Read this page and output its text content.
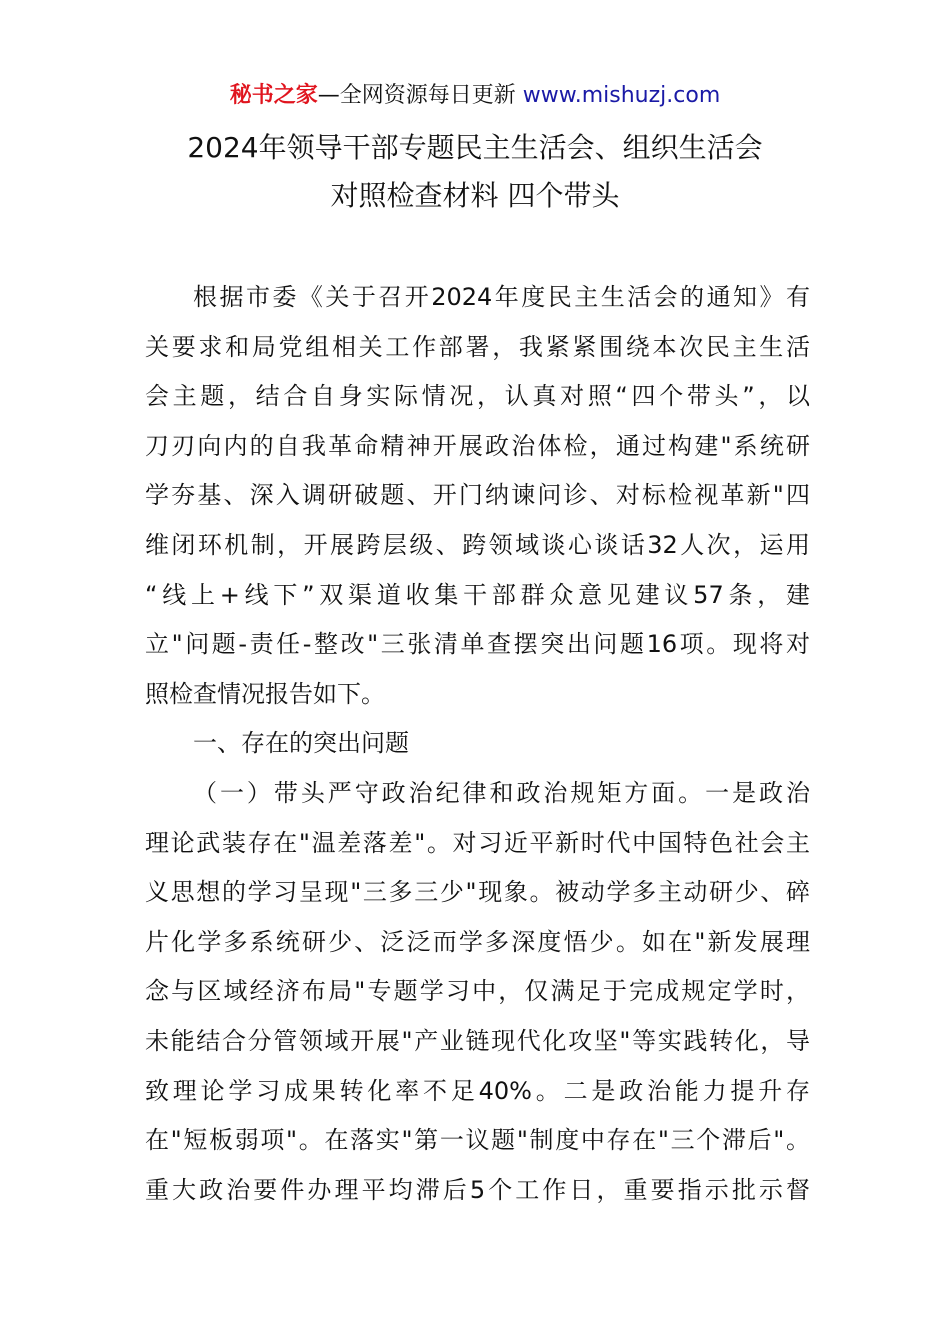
秘书之家—全网资源每日更新 www.mishuzj.com
2024年领导干部专题民主生活会、组织生活会
对照检查材料 四个带头
根据市委《关于召开2024年度民主生活会的通知》有
关要求和局党组相关工作部署，我紧紧围绕本次民主生活
会主题，结合自身实际情况，认真对照“四个带头”，以
刀刃向内的自我革命精神开展政治体检，通过构建"系统研
学夯基、深入调研破题、开门纳谏问诊、对标检视革新"四
维闭环机制，开展跨层级、跨领域谈心谈话32人次，运用
“线上+线下”双渠道收集干部群众意见建议57条，建
立"问题-责任-整改"三张清单查摆突出问题16项。现将对
照检查情况报告如下。
一、存在的突出问题
（一）带头严守政治纪律和政治规矩方面。一是政治
理论武装存在"温差落差"。对习近平新时代中国特色社会主
义思想的学习呈现"三多三少"现象。被动学多主动研少、碎
片化学多系统研少、泛泛而学多深度悟少。如在"新发展理
念与区域经济布局"专题学习中，仅满足于完成规定学时，
未能结合分管领域开展"产业链现代化攻坚"等实践转化，导
致理论学习成果转化率不足40%。二是政治能力提升存
在"短板弱项"。在落实"第一议题"制度中存在"三个滞后"。
重大政治要件办理平均滞后5个工作日，重要指示批示督
